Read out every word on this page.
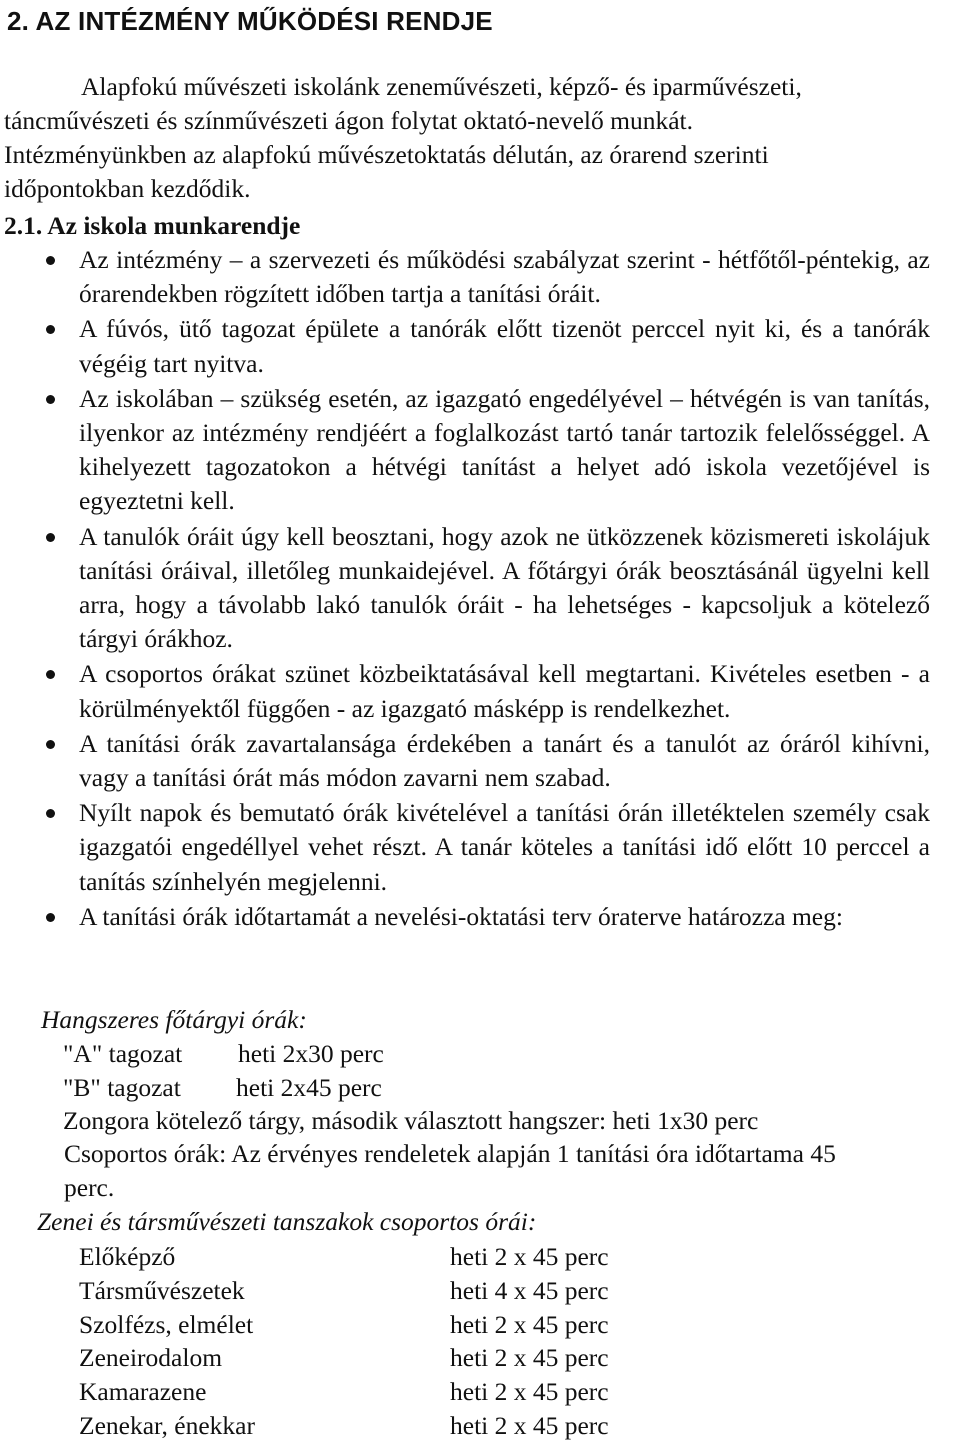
2. AZ INTÉZMÉNY MŰKÖDÉSI RENDJE

Alapfokú művészeti iskolánk zeneművészeti, képző- és iparművészeti,
táncművészeti és színművészeti ágon folytat oktató-nevelő munkát.
Intézményünkben az alapfokú művészetoktatás délután, az órarend szerinti
időpontokban kezdődik.

2.1. Az iskola munkarendje
Az intézmény – a szervezeti és működési szabályzat szerint - hétfőtől-péntekig, az órarendekben rögzített időben tartja a tanítási óráit.
A fúvós, ütő tagozat épülete a tanórák előtt tizenöt perccel nyit ki, és a tanórák végéig tart nyitva.
Az iskolában – szükség esetén, az igazgató engedélyével – hétvégén is van tanítás, ilyenkor az intézmény rendjéért a foglalkozást tartó tanár tartozik felelősséggel. A kihelyezett tagozatokon a hétvégi tanítást a helyet adó iskola vezetőjével is egyeztetni kell.
A tanulók óráit úgy kell beosztani, hogy azok ne ütközzenek közismereti iskolájuk tanítási óráival, illetőleg munkaidejével. A főtárgyi órák beosztásánál ügyelni kell arra, hogy a távolabb lakó tanulók óráit - ha lehetséges - kapcsoljuk a kötelező tárgyi órákhoz.
A csoportos órákat szünet közbeiktatásával kell megtartani. Kivételes esetben - a körülményektől függően - az igazgató másképp is rendelkezhet.
A tanítási órák zavartalansága érdekében a tanárt és a tanulót az óráról kihívni, vagy a tanítási órát más módon zavarni nem szabad.
Nyílt napok és bemutató órák kivételével a tanítási órán illetéktelen személy csak igazgatói engedéllyel vehet részt. A tanár köteles a tanítási idő előtt 10 perccel a tanítás színhelyén megjelenni.
A tanítási órák időtartamát a nevelési-oktatási terv óraterve határozza meg:

Hangszeres főtárgyi órák:

"A" tagozat heti 2x30 perc
"B" tagozat heti 2x45 perc
Zongora kötelező tárgy, második választott hangszer: heti 1x30 perc

Csoportos órák: Az érvényes rendeletek alapján 1 tanítási óra időtartama 45
perc.

Zenei és társművészeti tanszakok csoportos órái:

Előképző	heti 2 x 45 perc
Társművészetek	heti 4 x 45 perc
Szolfézs, elmélet	heti 2 x 45 perc
Zeneirodalom	heti 2 x 45 perc
Kamarazene	heti 2 x 45 perc
Zenekar, énekkar	heti 2 x 45 perc
